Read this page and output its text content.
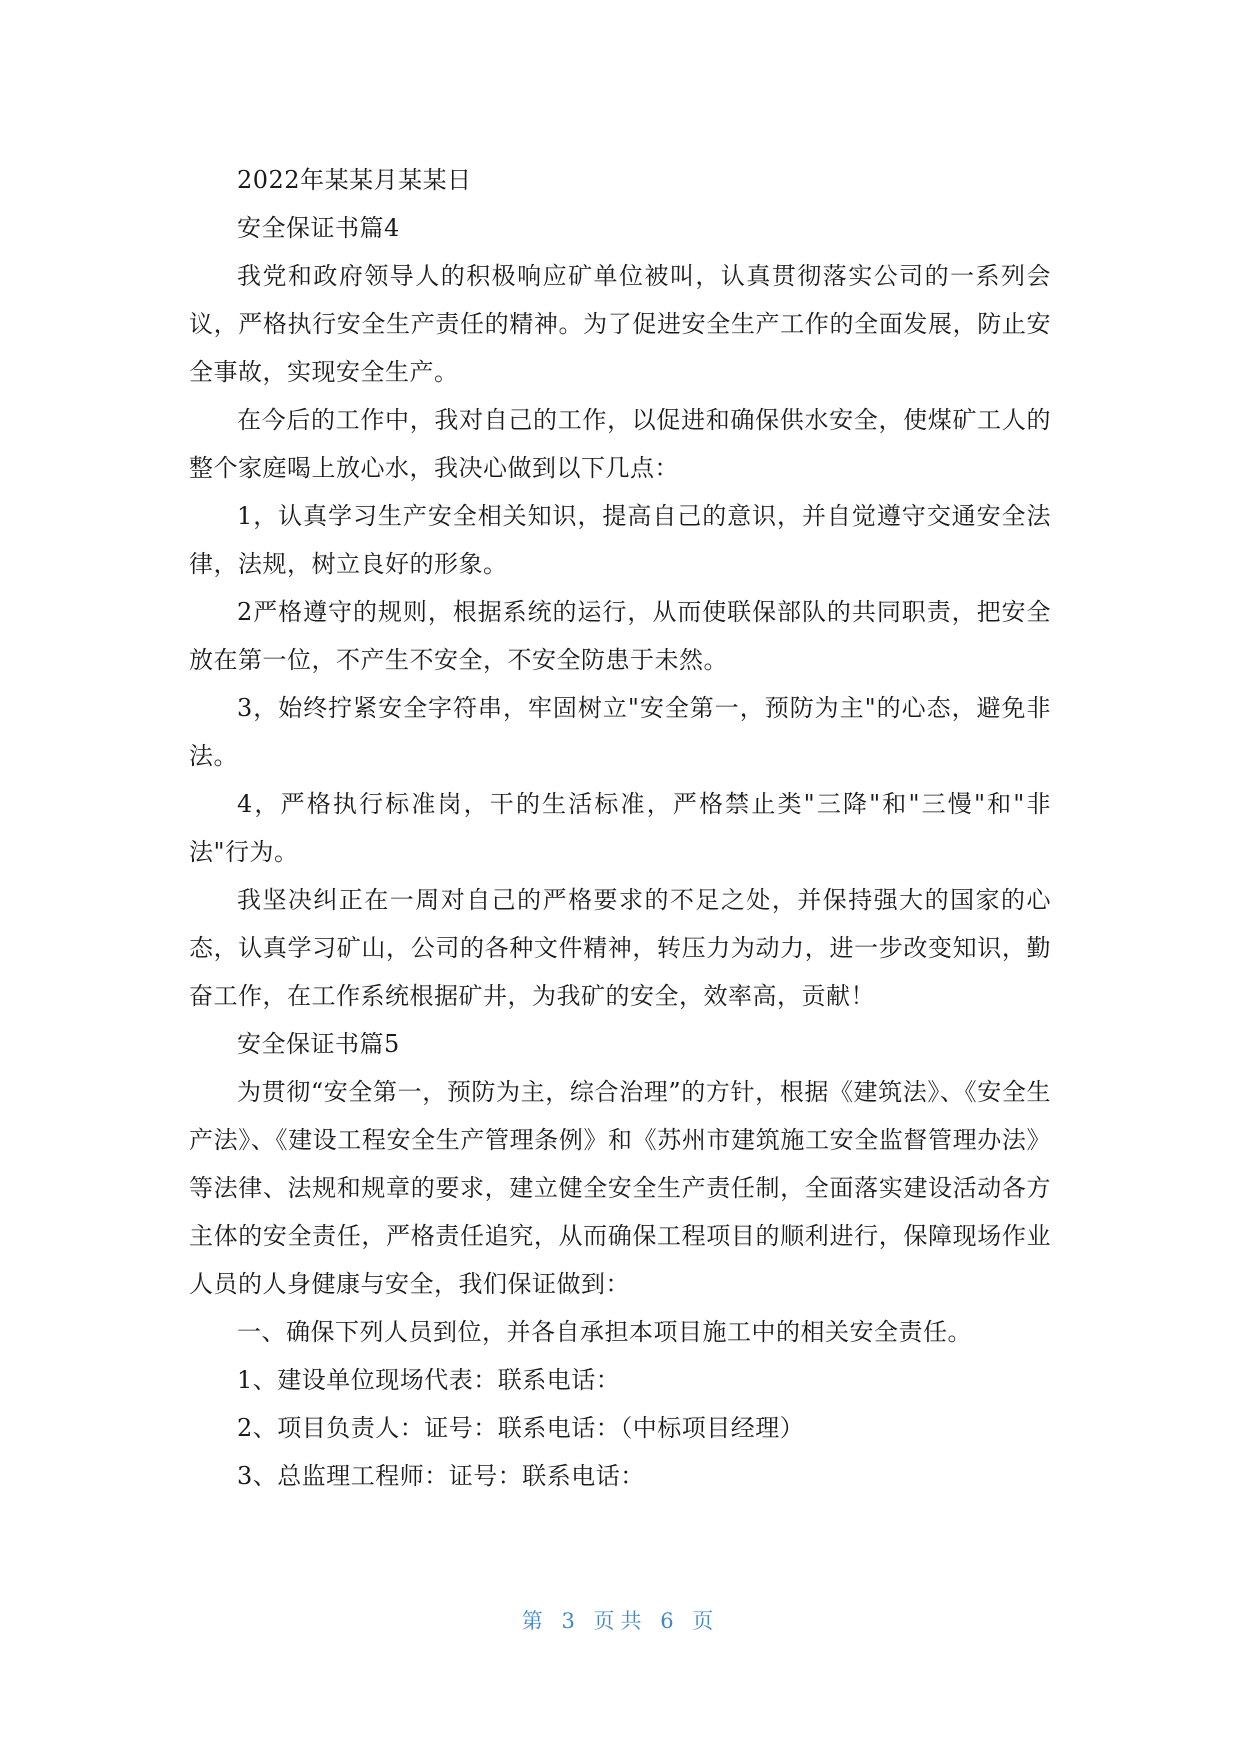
2022年某某月某某日

安全保证书篇4

我党和政府领导人的积极响应矿单位被叫，认真贯彻落实公司的一系列会议，严格执行安全生产责任的精神。为了促进安全生产工作的全面发展，防止安全事故，实现安全生产。

在今后的工作中，我对自己的工作，以促进和确保供水安全，使煤矿工人的整个家庭喝上放心水，我决心做到以下几点：

1，认真学习生产安全相关知识，提高自己的意识，并自觉遵守交通安全法律，法规，树立良好的形象。

2严格遵守的规则，根据系统的运行，从而使联保部队的共同职责，把安全放在第一位，不产生不安全，不安全防患于未然。

3，始终拧紧安全字符串，牢固树立"安全第一，预防为主"的心态，避免非法。

4，严格执行标准岗，干的生活标准，严格禁止类"三降"和"三慢"和"非法"行为。

我坚决纠正在一周对自己的严格要求的不足之处，并保持强大的国家的心态，认真学习矿山，公司的各种文件精神，转压力为动力，进一步改变知识，勤奋工作，在工作系统根据矿井，为我矿的安全，效率高，贡献！

安全保证书篇5

为贯彻“安全第一，预防为主，综合治理”的方针，根据《建筑法》、《安全生产法》、《建设工程安全生产管理条例》和《苏州市建筑施工安全监督管理办法》等法律、法规和规章的要求，建立健全安全生产责任制，全面落实建设活动各方主体的安全责任，严格责任追究，从而确保工程项目的顺利进行，保障现场作业人员的人身健康与安全，我们保证做到：

一、确保下列人员到位，并各自承担本项目施工中的相关安全责任。

1、建设单位现场代表：联系电话：

2、项目负责人：证号：联系电话：（中标项目经理）

3、总监理工程师：证号：联系电话：

第 3 页共 6 页
